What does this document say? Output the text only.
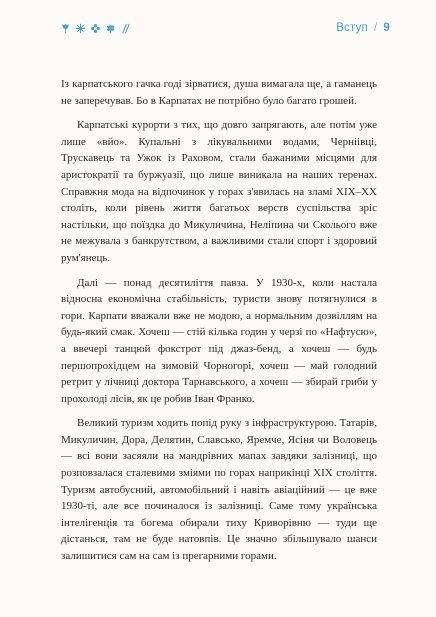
Вступ / 9

Із карпатського гачка годі зірватися, душа вимагала ще, а гаманець не заперечував. Бо в Карпатах не потрібно було багато грошей.

Карпатські курорти з тих, що довго запрягають, але потім уже лише «вйо». Купальні з лікувальними водами, Черніівці, Трускавець та Ужок із Раховом, стали бажаними місцями для аристократії та буржуазії, що лише виникала на наших теренах. Справжня мода на відпочинок у горах з'явилась на зламі XIX–XX століть, коли рівень життя багатьох верств суспільства зріс настільки, що поїздка до Микуличина, Неліпина чи Сколього вже не межувала з банкрутством, а важливими стали спорт і здоровий рум'янець.

Далі — понад десятиліття павза. У 1930-х, коли настала відносна економічна стабільність, туристи знову потягнулися в гори. Карпати вважали вже не модою, а нормальним дозвіллям на будь-який смак. Хочеш — стій кілька годин у черзі по «Нафтусю», а ввечері танцюй фокстрот під джаз-бенд, а хочеш — будь першопрохідцем на зимовій Чорногорі, хочеш — май голодний ретрит у лічниці доктора Тарнавського, а хочеш — збирай гриби у прохолоді лісів, як це робив Іван Франко.

Великий туризм ходить попід руку з інфраструктурою. Татарів, Микуличин, Дора, Делятин, Славсько, Яремче, Ясіня чи Воловець — всі вони засяяли на мандрівних мапах завдяки залізниці, що розповзалася сталевими зміями по горах наприкінці XIX століття. Туризм автобусний, автомобільний і навіть авіаційний — це вже 1930-ті, але все починалося із залізниці. Саме тому українська інтелігенція та богема обирали тиху Криворівню — туди ще дістанься, там не буде натовпів. Це значно збільшувало шанси залишитися сам на сам із прегарними горами.
